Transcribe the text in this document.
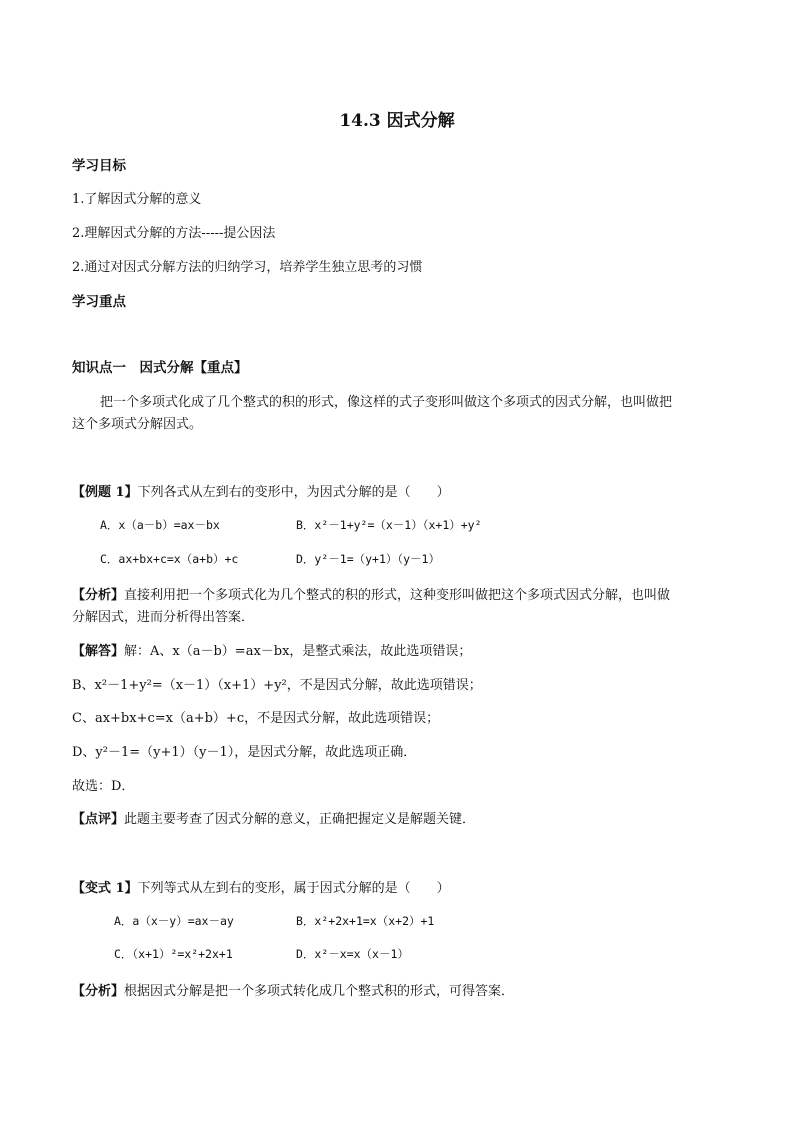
14.3 因式分解
学习目标
1.了解因式分解的意义
2.理解因式分解的方法-----提公因法
2.通过对因式分解方法的归纳学习，培养学生独立思考的习惯
学习重点
知识点一　因式分解【重点】
把一个多项式化成了几个整式的积的形式，像这样的式子变形叫做这个多项式的因式分解，也叫做把
这个多项式分解因式。
【例题 1】下列各式从左到右的变形中，为因式分解的是（　　）
A．x（a－b）=ax－bx	B．x²－1+y²=（x－1）（x+1）+y²
C．ax+bx+c=x（a+b）+c	D．y²－1=（y+1）（y－1）
【分析】直接利用把一个多项式化为几个整式的积的形式，这种变形叫做把这个多项式因式分解，也叫做
分解因式，进而分析得出答案．
【解答】解：A、x（a－b）=ax－bx，是整式乘法，故此选项错误；
B、x²－1+y²=（x－1）（x+1）+y²，不是因式分解，故此选项错误；
C、ax+bx+c=x（a+b）+c，不是因式分解，故此选项错误；
D、y²－1=（y+1）（y－1），是因式分解，故此选项正确．
故选：D．
【点评】此题主要考查了因式分解的意义，正确把握定义是解题关键．
【变式 1】下列等式从左到右的变形，属于因式分解的是（　　）
A．a（x－y）=ax－ay	B．x²+2x+1=x（x+2）+1
C．（x+1）²=x²+2x+1	D．x²－x=x（x－1）
【分析】根据因式分解是把一个多项式转化成几个整式积的形式，可得答案．
